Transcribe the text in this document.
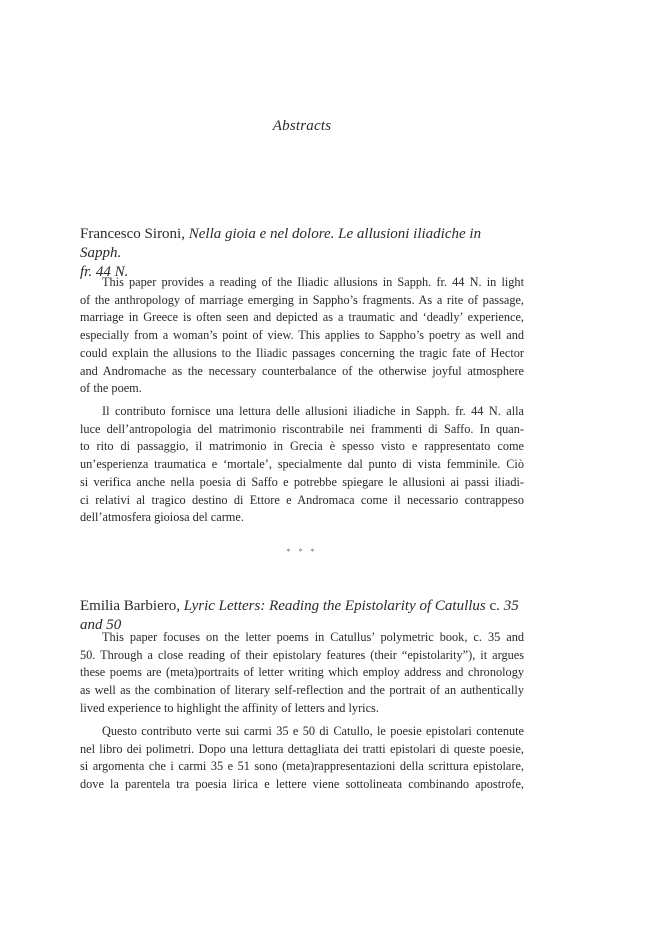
Abstracts
Francesco Sironi, Nella gioia e nel dolore. Le allusioni iliadiche in Sapph.
fr. 44 N.
This paper provides a reading of the Iliadic allusions in Sapph. fr. 44 N. in light
of the anthropology of marriage emerging in Sappho’s fragments. As a rite of passage,
marriage in Greece is often seen and depicted as a traumatic and ‘deadly’ experience,
especially from a woman’s point of view. This applies to Sappho’s poetry as well and
could explain the allusions to the Iliadic passages concerning the tragic fate of Hector
and Andromache as the necessary counterbalance of the otherwise joyful atmosphere
of the poem.
Il contributo fornisce una lettura delle allusioni iliadiche in Sapph. fr. 44 N. alla
luce dell’antropologia del matrimonio riscontrabile nei frammenti di Saffo. In quan-
to rito di passaggio, il matrimonio in Grecia è spesso visto e rappresentato come
un’esperienza traumatica e ‘mortale’, specialmente dal punto di vista femminile. Ciò
si verifica anche nella poesia di Saffo e potrebbe spiegare le allusioni ai passi iliadi-
ci relativi al tragico destino di Ettore e Andromaca come il necessario contrappeso
dell’atmosfera gioiosa del carme.
* * *
Emilia Barbiero, Lyric Letters: Reading the Epistolarity of Catullus c. 35 and 50
This paper focuses on the letter poems in Catullus’ polymetric book, c. 35 and
50. Through a close reading of their epistolary features (their “epistolarity”), it argues
these poems are (meta)portraits of letter writing which employ address and chronology
as well as the combination of literary self-reflection and the portrait of an authentically
lived experience to highlight the affinity of letters and lyrics.
Questo contributo verte sui carmi 35 e 50 di Catullo, le poesie epistolari contenute
nel libro dei polimetri. Dopo una lettura dettagliata dei tratti epistolari di queste poesie,
si argomenta che i carmi 35 e 51 sono (meta)rappresentazioni della scrittura epistolare,
dove la parentela tra poesia lirica e lettere viene sottolineata combinando apostrofe,
